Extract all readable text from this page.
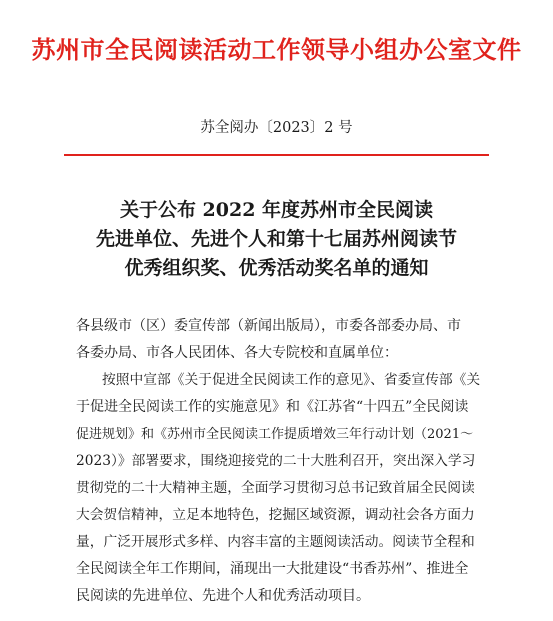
苏州市全民阅读活动工作领导小组办公室文件
苏全阅办〔2023〕2 号
关于公布 2022 年度苏州市全民阅读
先进单位、先进个人和第十七届苏州阅读节
优秀组织奖、优秀活动奖名单的通知
各县级市（区）委宣传部（新闻出版局），市委各部委办局、市
各委办局、市各人民团体、各大专院校和直属单位：
按照中宣部《关于促进全民阅读工作的意见》、省委宣传部《关
于促进全民阅读工作的实施意见》和《江苏省“十四五”全民阅读
促进规划》和《苏州市全民阅读工作提质增效三年行动计划（2021～
2023）》部署要求，围绕迎接党的二十大胜利召开，突出深入学习
贯彻党的二十大精神主题，全面学习贯彻习总书记致首届全民阅读
大会贺信精神，立足本地特色，挖掘区域资源，调动社会各方面力
量，广泛开展形式多样、内容丰富的主题阅读活动。阅读节全程和
全民阅读全年工作期间，涌现出一大批建设“书香苏州”、推进全
民阅读的先进单位、先进个人和优秀活动项目。
